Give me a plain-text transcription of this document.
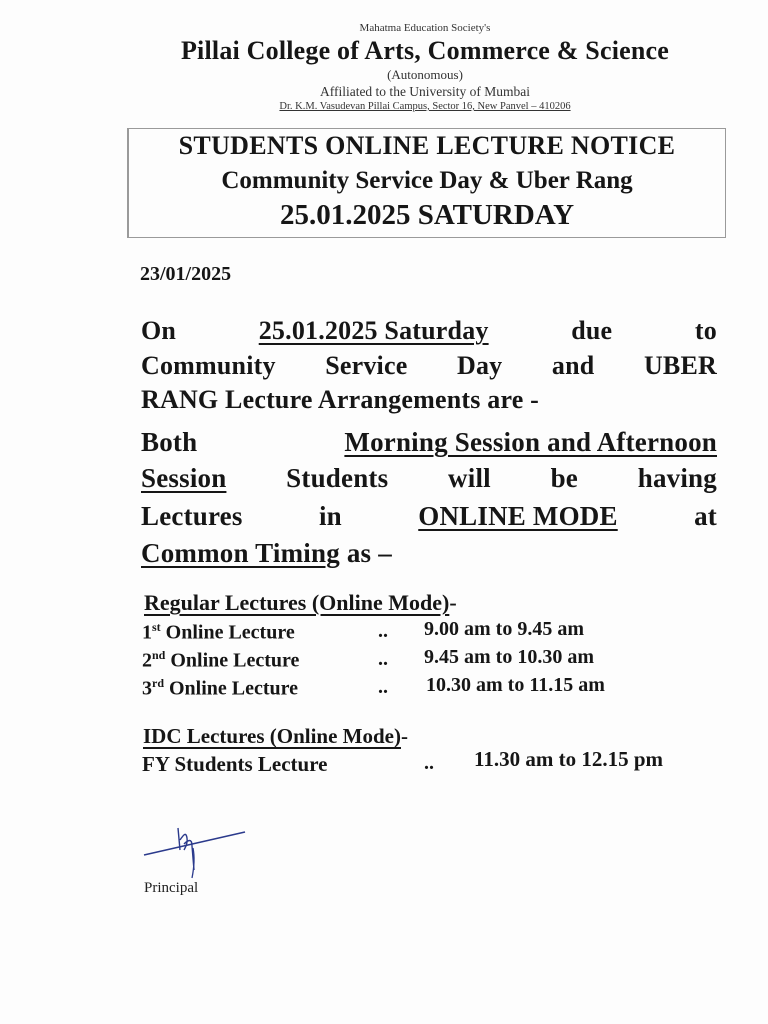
Mahatma Education Society's
Pillai College of Arts, Commerce & Science
(Autonomous)
Affiliated to the University of Mumbai
Dr. K.M. Vasudevan Pillai Campus, Sector 16, New Panvel – 410206
STUDENTS ONLINE LECTURE NOTICE
Community Service Day & Uber Rang
25.01.2025 SATURDAY
23/01/2025
On	25.01.2025 Saturday	due	to
Community Service Day and UBER
RANG Lecture Arrangements are -
Both	Morning Session and Afternoon
Session Students will be having
Lectures	in	ONLINE MODE	at
Common Timing as –
Regular Lectures (Online Mode)-
1st Online Lecture	.. 9.00 am to 9.45 am
2nd Online Lecture	.. 9.45 am to 10.30 am
3rd Online Lecture	.. 10.30 am to 11.15 am
IDC Lectures (Online Mode)-
FY Students Lecture	.. 11.30 am to 12.15 pm
Principal
